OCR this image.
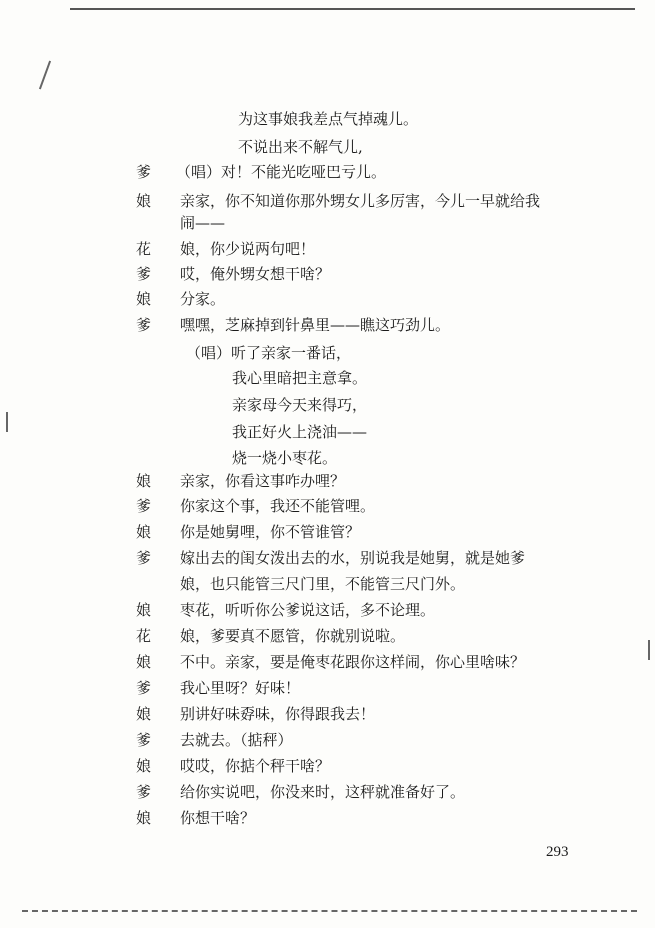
为这事娘我差点气掉魂儿。
不说出来不解气儿,
爹 （唱）对！不能光吃哑巴亏儿。
娘 亲家，你不知道你那外甥女儿多厉害，今儿一早就给我
闹——
花 娘，你少说两句吧！
爹 哎，俺外甥女想干啥？
娘 分家。
爹 嘿嘿，芝麻掉到针鼻里——瞧这巧劲儿。
（唱）听了亲家一番话，
我心里暗把主意拿。
亲家母今天来得巧，
我正好火上浇油——
烧一烧小枣花。
娘 亲家，你看这事咋办哩？
爹 你家这个事，我还不能管哩。
娘 你是她舅哩，你不管谁管？
爹 嫁出去的闺女泼出去的水，别说我是她舅，就是她爹
娘，也只能管三尺门里，不能管三尺门外。
娘 枣花，听听你公爹说这话，多不论理。
花 娘，爹要真不愿管，你就别说啦。
娘 不中。亲家，要是俺枣花跟你这样闹，你心里啥味？
爹 我心里呀？好味！
娘 别讲好味孬味，你得跟我去！
爹 去就去。（掂秤）
娘 哎哎，你掂个秤干啥？
爹 给你实说吧，你没来时，这秤就准备好了。
娘 你想干啥？
293
